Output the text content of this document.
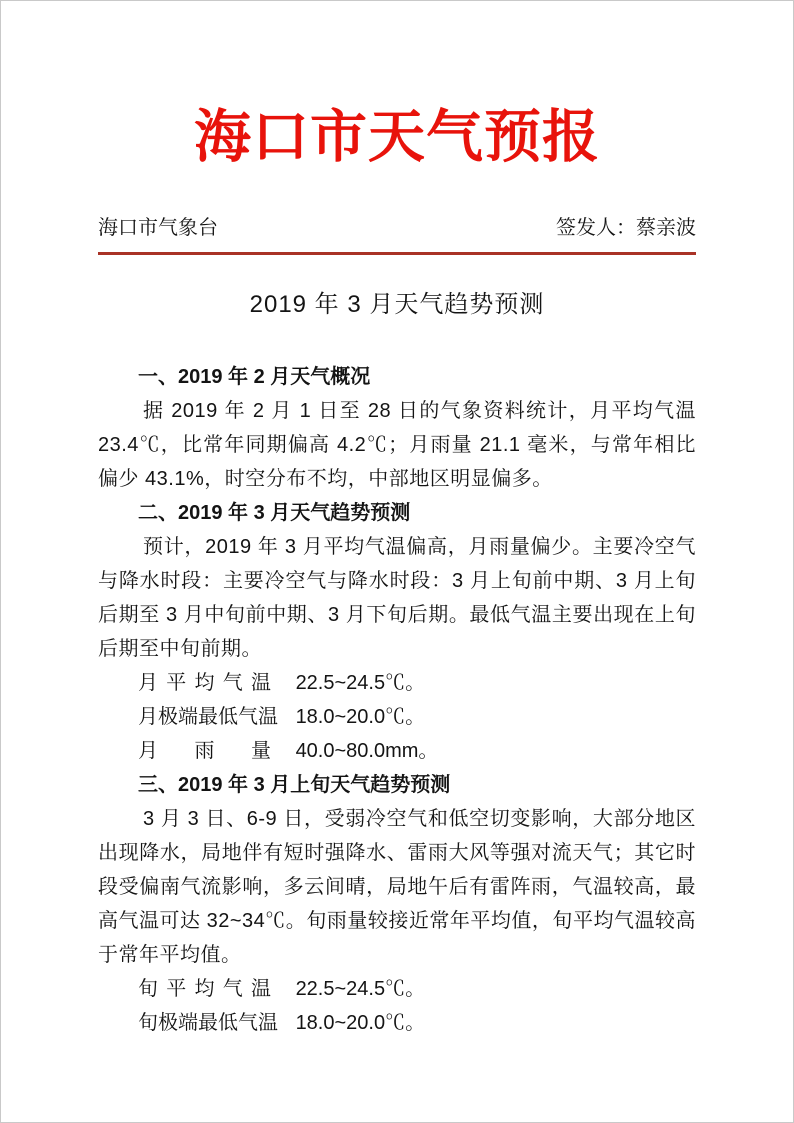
海口市天气预报
海口市气象台	签发人：蔡亲波
2019 年 3 月天气趋势预测
一、2019 年 2 月天气概况

据 2019 年 2 月 1 日至 28 日的气象资料统计，月平均气温 23.4℃，比常年同期偏高 4.2℃；月雨量 21.1 毫米，与常年相比偏少 43.1%，时空分布不均，中部地区明显偏多。

二、2019 年 3 月天气趋势预测

预计，2019 年 3 月平均气温偏高，月雨量偏少。主要冷空气与降水时段：主要冷空气与降水时段：3 月上旬前中期、3 月上旬后期至 3 月中旬前中期、3 月下旬后期。最低气温主要出现在上旬后期至中旬前期。

月平均气温 22.5~24.5℃。
月极端最低气温 18.0~20.0℃。
月雨量 40.0~80.0mm。
三、2019 年 3 月上旬天气趋势预测

3 月 3 日、6-9 日，受弱冷空气和低空切变影响，大部分地区出现降水，局地伴有短时强降水、雷雨大风等强对流天气；其它时段受偏南气流影响，多云间晴，局地午后有雷阵雨，气温较高，最高气温可达 32~34℃。旬雨量较接近常年平均值，旬平均气温较高于常年平均值。

旬平均气温 22.5~24.5℃。
旬极端最低气温 18.0~20.0℃。
